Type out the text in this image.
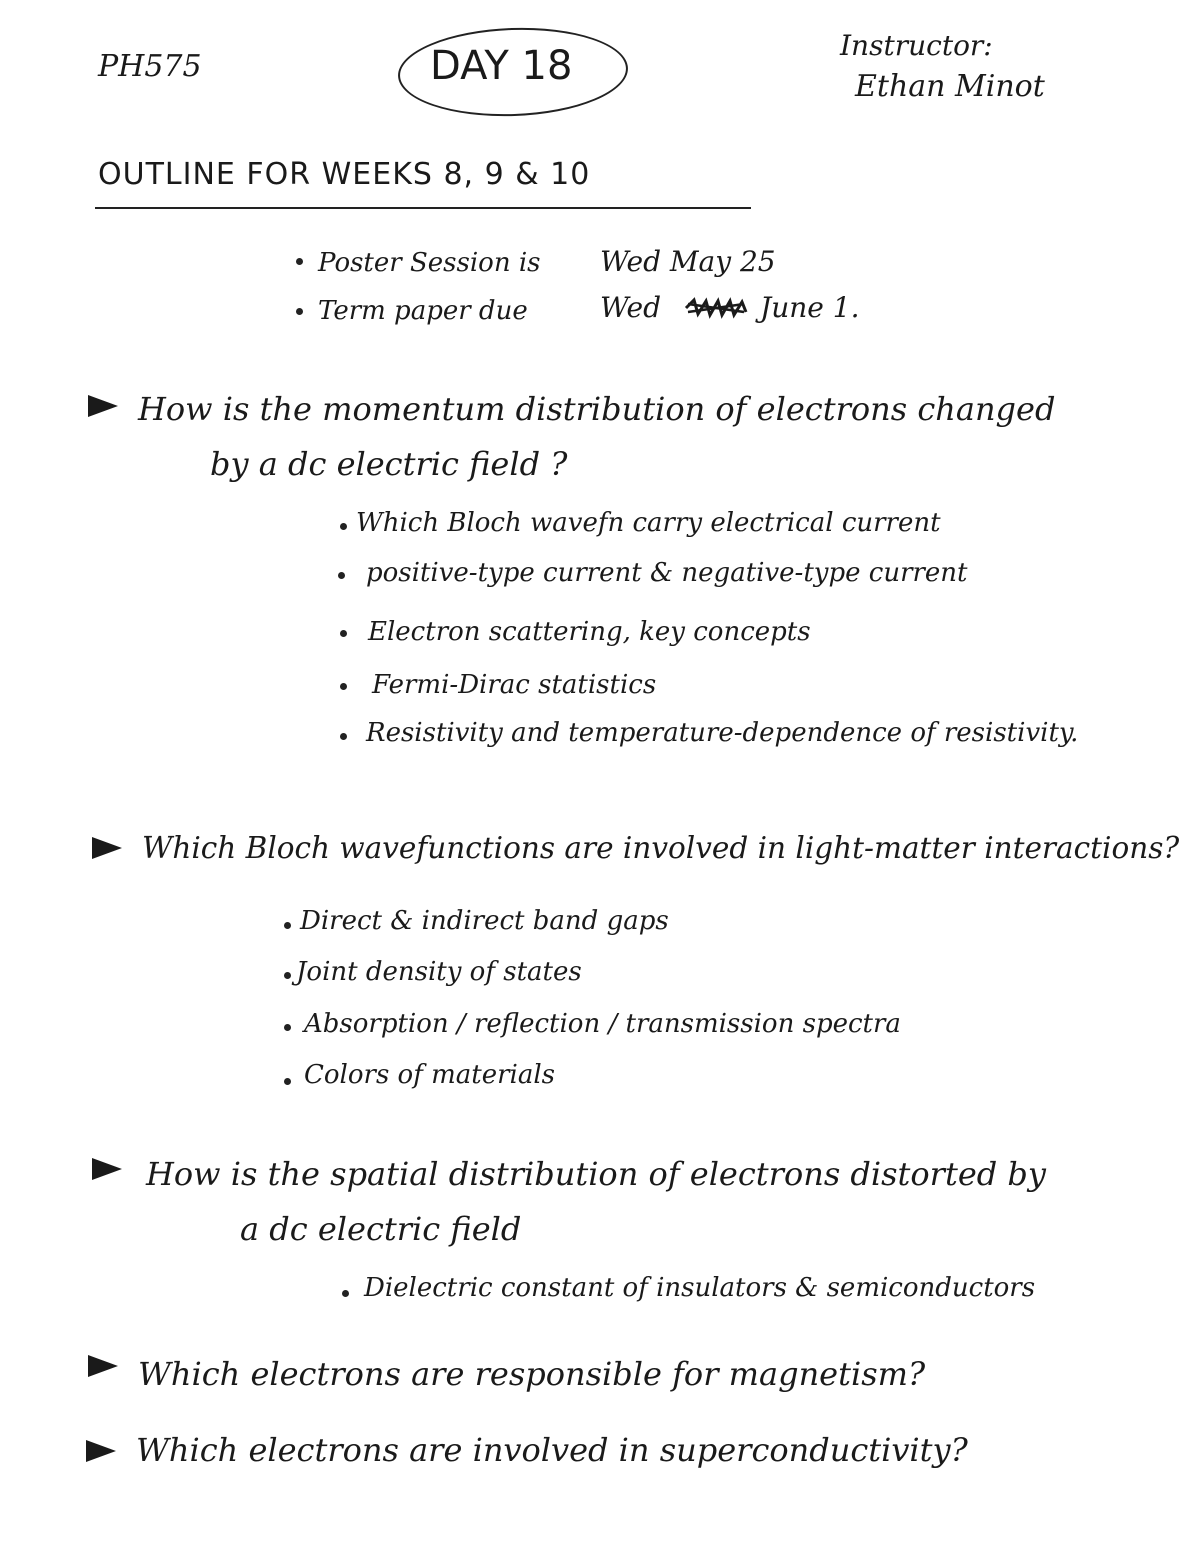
PH575	DAY 18	Instructor:
Ethan Minot
OUTLINE FOR WEEKS 8, 9 & 10
Poster Session is Wed May 25
Term paper due	Wed	June 1.
How is the momentum distribution of electrons changed
by a dc electric field ?
Which Bloch wavefn carry electrical current
positive-type current & negative-type current
Electron scattering, key concepts
Fermi-Dirac statistics
Resistivity and temperature-dependence of resistivity.
Which Bloch wavefunctions are involved in light-matter interactions?
Direct & indirect band gaps
Joint density of states
Absorption / reflection / transmission spectra
Colors of materials
How is the spatial distribution of electrons distorted by
a dc electric field
Dielectric constant of insulators & semiconductors
Which electrons are responsible for magnetism?
Which electrons are involved in superconductivity?
